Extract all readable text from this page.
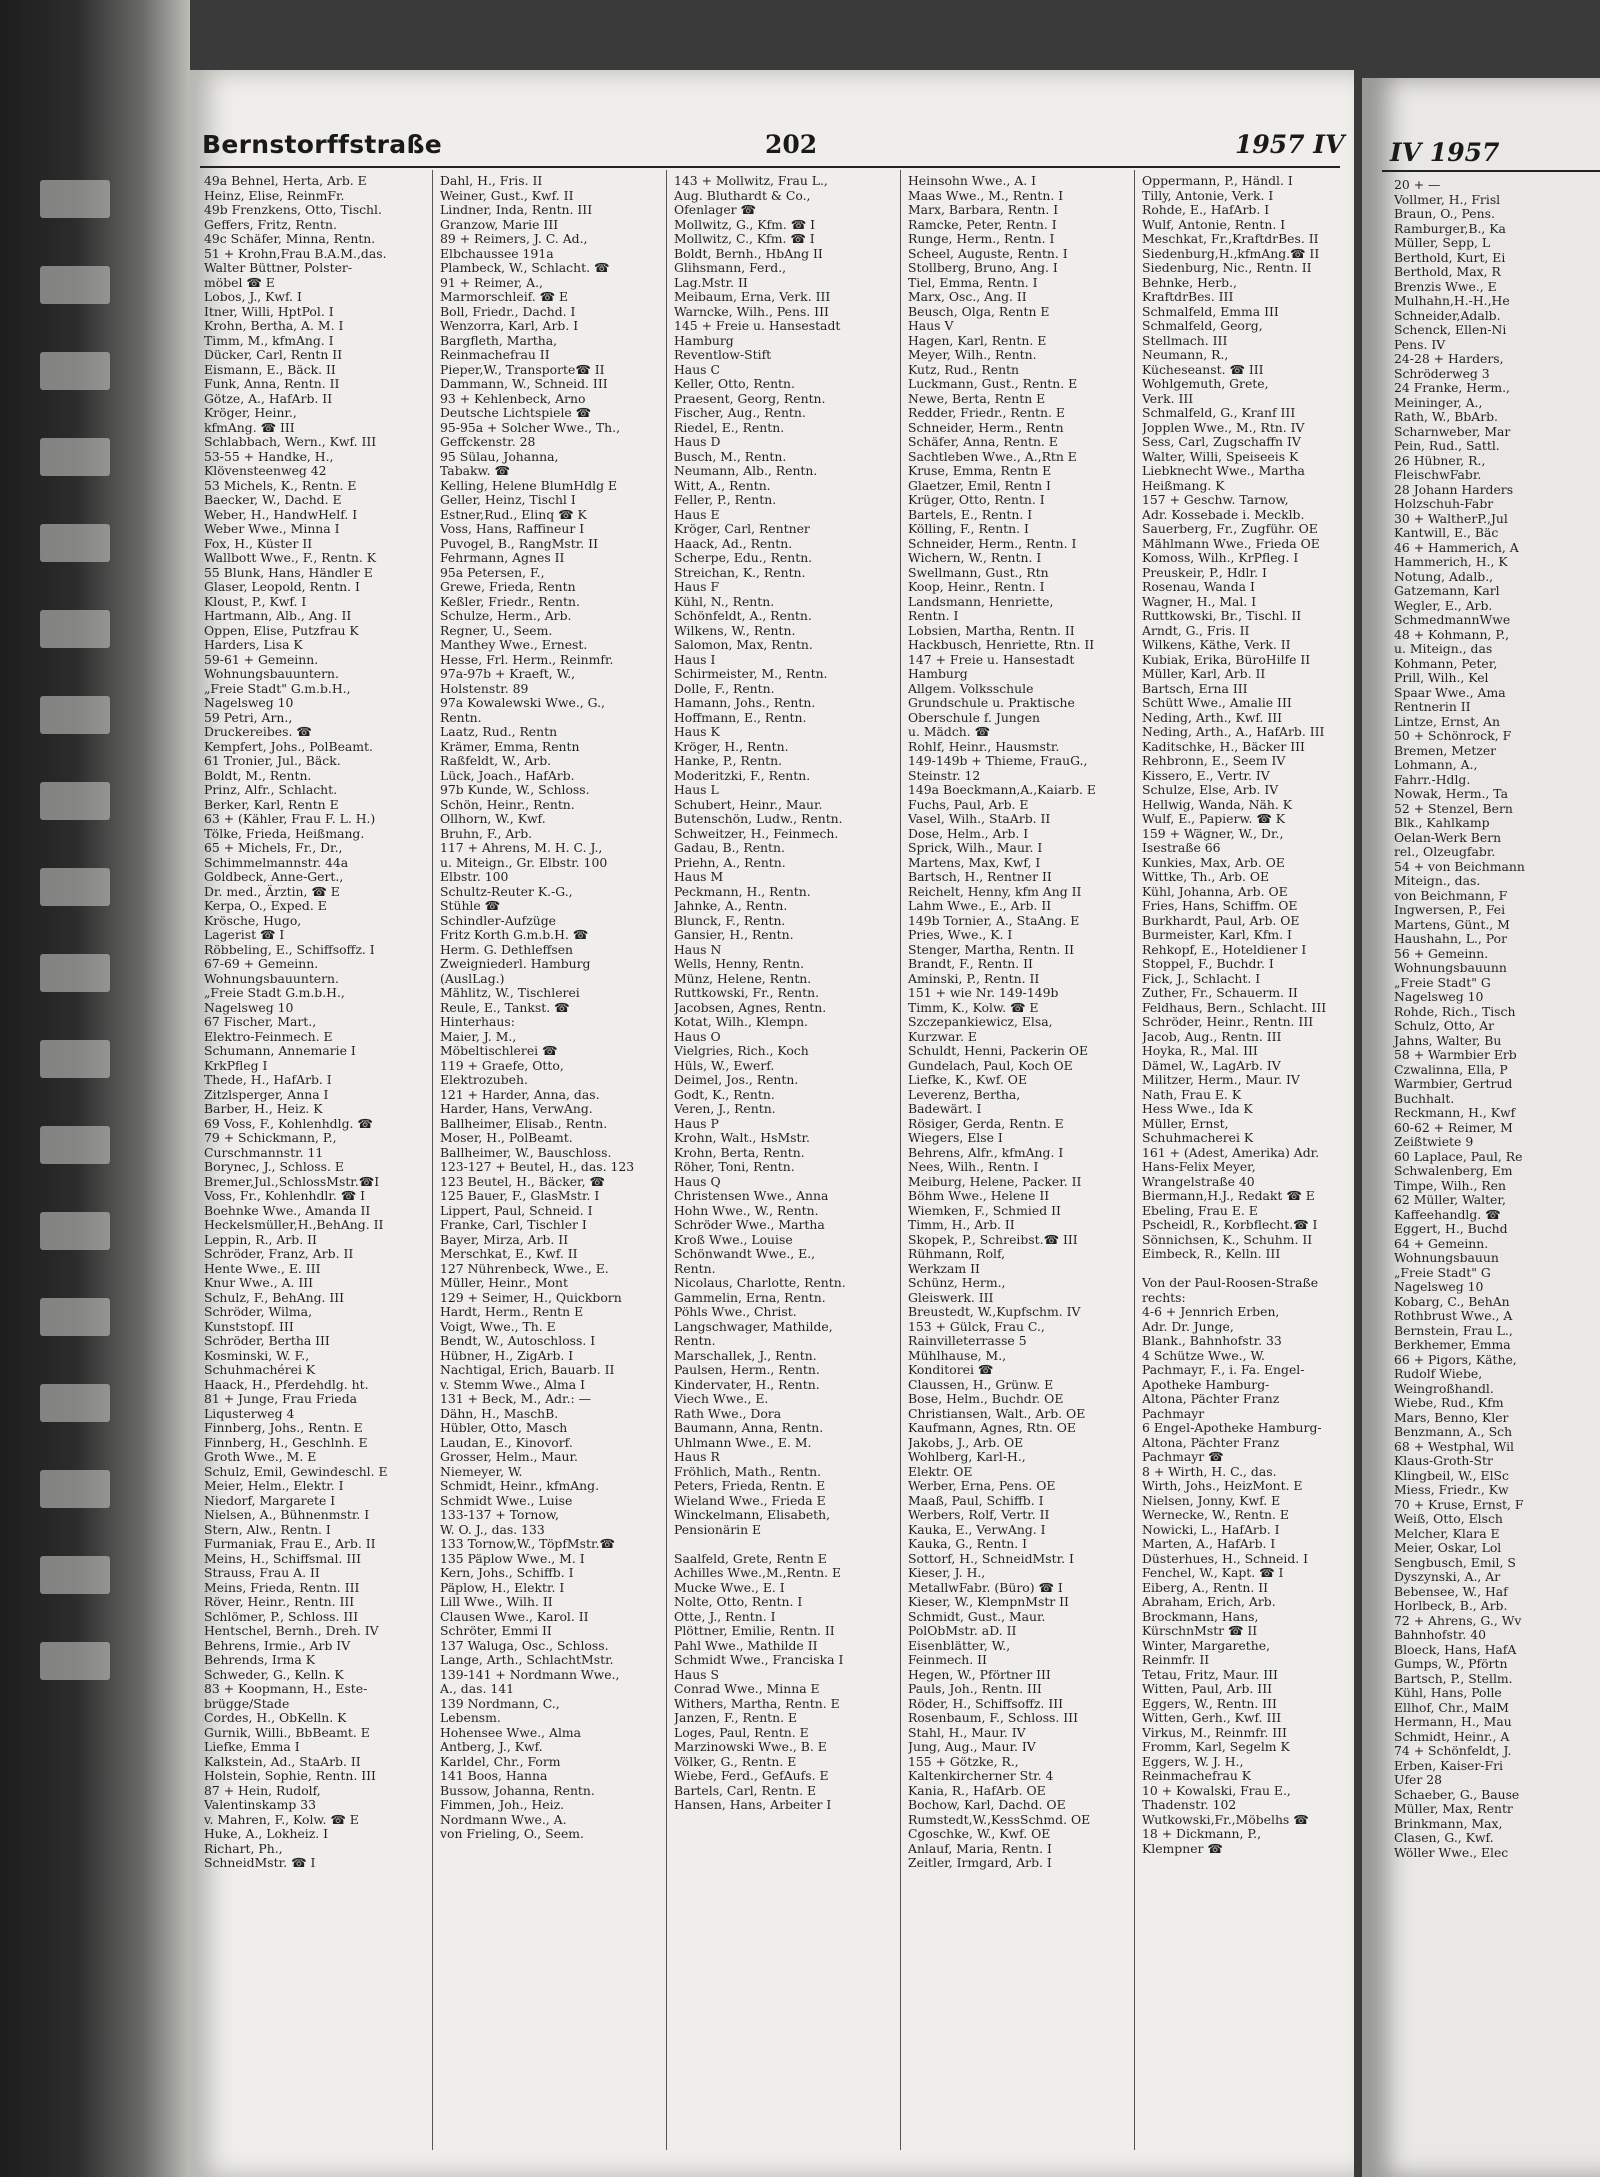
Bernstorffstraße	202	1957 IV
49a Behnel, Herta, Arb. E
Heinz, Elise, ReinmFr.
49b Frenzkens, Otto, Tischl.
Geffers, Fritz, Rentn.
49c Schäfer, Minna, Rentn.
51 + Krohn,Frau B.A.M.,das.
Walter Büttner, Polster-
möbel ☎ E
Lobos, J., Kwf. I
Itner, Willi, HptPol. I
Krohn, Bertha, A. M. I
Timm, M., kfmAng. I
Dücker, Carl, Rentn II
Eismann, E., Bäck. II
Funk, Anna, Rentn. II
Götze, A., HafArb. II
Kröger, Heinr.,
kfmAng. ☎ III
Schlabbach, Wern., Kwf. III
53-55 + Handke, H.,
Klövensteenweg 42
53 Michels, K., Rentn. E
Baecker, W., Dachd. E
Weber, H., HandwHelf. I
Weber Wwe., Minna I
Fox, H., Küster II
Wallbott Wwe., F., Rentn. K
55 Blunk, Hans, Händler E
Glaser, Leopold, Rentn. I
Kloust, P., Kwf. I
Hartmann, Alb., Ang. II
Oppen, Elise, Putzfrau K
Harders, Lisa K
59-61 + Gemeinn.
Wohnungsbauuntern.
„Freie Stadt" G.m.b.H.,
Nagelsweg 10
59 Petri, Arn.,
Druckereibes. ☎
Kempfert, Johs., PolBeamt.
61 Tronier, Jul., Bäck.
Boldt, M., Rentn.
Prinz, Alfr., Schlacht.
Berker, Karl, Rentn E
63 + (Kähler, Frau F. L. H.)
Tölke, Frieda, Heißmang.
65 + Michels, Fr., Dr.,
Schimmelmannstr. 44a
Goldbeck, Anne-Gert.,
Dr. med., Ärztin, ☎ E
Kerpa, O., Exped. E
Krösche, Hugo,
Lagerist ☎ I
Röbbeling, E., Schiffsoffz. I
67-69 + Gemeinn.
Wohnungsbauuntern.
„Freie Stadt G.m.b.H.,
Nagelsweg 10
67 Fischer, Mart.,
Elektro-Feinmech. E
Schumann, Annemarie I
KrkPfleg I
Thede, H., HafArb. I
Zitzlsperger, Anna I
Barber, H., Heiz. K
69 Voss, F., Kohlenhdlg. ☎
79 + Schickmann, P.,
Curschmannstr. 11
Borynec, J., Schloss. E
Bremer,Jul.,SchlossMstr.☎I
Voss, Fr., Kohlenhdlr. ☎ I
Boehnke Wwe., Amanda II
Heckelsmüller,H.,BehAng. II
Leppin, R., Arb. II
Schröder, Franz, Arb. II
Hente Wwe., E. III
Knur Wwe., A. III
Schulz, F., BehAng. III
Schröder, Wilma,
Kunststopf. III
Schröder, Bertha III
Kosminski, W. F.,
Schuhmachérei K
Haack, H., Pferdehdlg. ht.
81 + Junge, Frau Frieda
Liqusterweg 4
Finnberg, Johs., Rentn. E
Finnberg, H., Geschlnh. E
Groth Wwe., M. E
Schulz, Emil, Gewindeschl. E
Meier, Helm., Elektr. I
Niedorf, Margarete I
Nielsen, A., Bühnenmstr. I
Stern, Alw., Rentn. I
Furmaniak, Frau E., Arb. II
Meins, H., Schiffsmal. III
Strauss, Frau A. II
Meins, Frieda, Rentn. III
Röver, Heinr., Rentn. III
Schlömer, P., Schloss. III
Hentschel, Bernh., Dreh. IV
Behrens, Irmie., Arb IV
Behrends, Irma K
Schweder, G., Kelln. K
83 + Koopmann, H., Este-
brügge/Stade
Cordes, H., ObKelln. K
Gurnik, Willi., BbBeamt. E
Liefke, Emma I
Kalkstein, Ad., StaArb. II
Holstein, Sophie, Rentn. III
87 + Hein, Rudolf,
Valentinskamp 33
v. Mahren, F., Kolw. ☎ E
Huke, A., Lokheiz. I
Richart, Ph.,
SchneidMstr. ☎ I
Dahl, H., Fris. II
Weiner, Gust., Kwf. II
Lindner, Inda, Rentn. III
Granzow, Marie III
89 + Reimers, J. C. Ad.,
Elbchaussee 191a
Plambeck, W., Schlacht. ☎
91 + Reimer, A.,
Marmorschleif. ☎ E
Boll, Friedr., Dachd. I
Wenzorra, Karl, Arb. I
Bargfleth, Martha,
Reinmachefrau II
Pieper,W., Transporte☎ II
Dammann, W., Schneid. III
93 + Kehlenbeck, Arno
Deutsche Lichtspiele ☎
95-95a + Solcher Wwe., Th.,
Geffckenstr. 28
95 Sülau, Johanna,
Tabakw. ☎
Kelling, Helene BlumHdlg E
Geller, Heinz, Tischl I
Estner,Rud., Elinq ☎ K
Voss, Hans, Raffineur I
Puvogel, B., RangMstr. II
Fehrmann, Agnes II
95a Petersen, F.,
Grewe, Frieda, Rentn
Keßler, Friedr., Rentn.
Schulze, Herm., Arb.
Regner, U., Seem.
Manthey Wwe., Ernest.
Hesse, Frl. Herm., Reinmfr.
97a-97b + Kraeft, W.,
Holstenstr. 89
97a Kowalewski Wwe., G.,
Rentn.
Laatz, Rud., Rentn
Krämer, Emma, Rentn
Raßfeldt, W., Arb.
Lück, Joach., HafArb.
97b Kunde, W., Schloss.
Schön, Heinr., Rentn.
Ollhorn, W., Kwf.
Bruhn, F., Arb.
117 + Ahrens, M. H. C. J.,
u. Miteign., Gr. Elbstr. 100
Elbstr. 100
Schultz-Reuter K.-G.,
Stühle ☎
Schindler-Aufzüge
Fritz Korth G.m.b.H. ☎
Herm. G. Dethleffsen
Zweigniederl. Hamburg
(AuslLag.)
Mählitz, W., Tischlerei
Reule, E., Tankst. ☎
Hinterhaus:
Maier, J. M.,
Möbeltischlerei ☎
119 + Graefe, Otto,
Elektrozubeh.
121 + Harder, Anna, das.
Harder, Hans, VerwAng.
Ballheimer, Elisab., Rentn.
Moser, H., PolBeamt.
Ballheimer, W., Bauschloss.
123-127 + Beutel, H., das. 123
123 Beutel, H., Bäcker, ☎
125 Bauer, F., GlasMstr. I
Lippert, Paul, Schneid. I
Franke, Carl, Tischler I
Bayer, Mirza, Arb. II
Merschkat, E., Kwf. II
127 Nührenbeck, Wwe., E.
Müller, Heinr., Mont
129 + Seimer, H., Quickborn
Hardt, Herm., Rentn E
Voigt, Wwe., Th. E
Bendt, W., Autoschloss. I
Hübner, H., ZigArb. I
Nachtigal, Erich, Bauarb. II
v. Stemm Wwe., Alma I
131 + Beck, M., Adr.: —
Dähn, H., MaschB.
Hübler, Otto, Masch
Laudan, E., Kinovorf.
Grosser, Helm., Maur.
Niemeyer, W.
Schmidt, Heinr., kfmAng.
Schmidt Wwe., Luise
133-137 + Tornow,
W. O. J., das. 133
133 Tornow,W., TöpfMstr.☎
135 Päplow Wwe., M. I
Kern, Johs., Schiffb. I
Päplow, H., Elektr. I
Lill Wwe., Wilh. II
Clausen Wwe., Karol. II
Schröter, Emmi II
137 Waluga, Osc., Schloss.
Lange, Arth., SchlachtMstr.
139-141 + Nordmann Wwe.,
A., das. 141
139 Nordmann, C.,
Lebensm.
Hohensee Wwe., Alma
Antberg, J., Kwf.
Karldel, Chr., Form
141 Boos, Hanna
Bussow, Johanna, Rentn.
Fimmen, Joh., Heiz.
Nordmann Wwe., A.
von Frieling, O., Seem.
143 + Mollwitz, Frau L.,
Aug. Bluthardt & Co.,
Ofenlager ☎
Mollwitz, G., Kfm. ☎ I
Mollwitz, C., Kfm. ☎ I
Boldt, Bernh., HbAng II
Glihsmann, Ferd.,
Lag.Mstr. II
Meibaum, Erna, Verk. III
Warncke, Wilh., Pens. III
145 + Freie u. Hansestadt
Hamburg
Reventlow-Stift
Haus C
Keller, Otto, Rentn.
Praesent, Georg, Rentn.
Fischer, Aug., Rentn.
Riedel, E., Rentn.
Haus D
Busch, M., Rentn.
Neumann, Alb., Rentn.
Witt, A., Rentn.
Feller, P., Rentn.
Haus E
Kröger, Carl, Rentner
Haack, Ad., Rentn.
Scherpe, Edu., Rentn.
Streichan, K., Rentn.
Haus F
Kühl, N., Rentn.
Schönfeldt, A., Rentn.
Wilkens, W., Rentn.
Salomon, Max, Rentn.
Haus I
Schirmeister, M., Rentn.
Dolle, F., Rentn.
Hamann, Johs., Rentn.
Hoffmann, E., Rentn.
Haus K
Kröger, H., Rentn.
Hanke, P., Rentn.
Moderitzki, F., Rentn.
Haus L
Schubert, Heinr., Maur.
Butenschön, Ludw., Rentn.
Schweitzer, H., Feinmech.
Gadau, B., Rentn.
Priehn, A., Rentn.
Haus M
Peckmann, H., Rentn.
Jahnke, A., Rentn.
Blunck, F., Rentn.
Gansier, H., Rentn.
Haus N
Wells, Henny, Rentn.
Münz, Helene, Rentn.
Ruttkowski, Fr., Rentn.
Jacobsen, Agnes, Rentn.
Kotat, Wilh., Klempn.
Haus O
Vielgries, Rich., Koch
Hüls, W., Ewerf.
Deimel, Jos., Rentn.
Godt, K., Rentn.
Veren, J., Rentn.
Haus P
Krohn, Walt., HsMstr.
Krohn, Berta, Rentn.
Röher, Toni, Rentn.
Haus Q
Christensen Wwe., Anna
Hohn Wwe., W., Rentn.
Schröder Wwe., Martha
Kroß Wwe., Louise
Schönwandt Wwe., E.,
Rentn.
Nicolaus, Charlotte, Rentn.
Gammelin, Erna, Rentn.
Pöhls Wwe., Christ.
Langschwager, Mathilde,
Rentn.
Marschallek, J., Rentn.
Paulsen, Herm., Rentn.
Kindervater, H., Rentn.
Viech Wwe., E.
Rath Wwe., Dora
Baumann, Anna, Rentn.
Uhlmann Wwe., E. M.
Haus R
Fröhlich, Math., Rentn.
Peters, Frieda, Rentn. E
Wieland Wwe., Frieda E
Winckelmann, Elisabeth,
Pensionärin E
Saalfeld, Grete, Rentn E
Achilles Wwe.,M.,Rentn. E
Mucke Wwe., E. I
Nolte, Otto, Rentn. I
Otte, J., Rentn. I
Plöttner, Emilie, Rentn. II
Pahl Wwe., Mathilde II
Schmidt Wwe., Franciska I
Haus S
Conrad Wwe., Minna E
Withers, Martha, Rentn. E
Janzen, F., Rentn. E
Loges, Paul, Rentn. E
Marzinowski Wwe., B. E
Völker, G., Rentn. E
Wiebe, Ferd., GefAufs. E
Bartels, Carl, Rentn. E
Hansen, Hans, Arbeiter I
Heinsohn Wwe., A. I
Maas Wwe., M., Rentn. I
Marx, Barbara, Rentn. I
Ramcke, Peter, Rentn. I
Runge, Herm., Rentn. I
Scheel, Auguste, Rentn. I
Stollberg, Bruno, Ang. I
Tiel, Emma, Rentn. I
Marx, Osc., Ang. II
Beusch, Olga, Rentn E
Haus V
Hagen, Karl, Rentn. E
Meyer, Wilh., Rentn.
Kutz, Rud., Rentn
Luckmann, Gust., Rentn. E
Newe, Berta, Rentn E
Redder, Friedr., Rentn. E
Schneider, Herm., Rentn
Schäfer, Anna, Rentn. E
Sachtleben Wwe., A.,Rtn E
Kruse, Emma, Rentn E
Glaetzer, Emil, Rentn I
Krüger, Otto, Rentn. I
Bartels, E., Rentn. I
Kölling, F., Rentn. I
Schneider, Herm., Rentn. I
Wichern, W., Rentn. I
Swellmann, Gust., Rtn
Koop, Heinr., Rentn. I
Landsmann, Henriette,
Rentn. I
Lobsien, Martha, Rentn. II
Hackbusch, Henriette, Rtn. II
147 + Freie u. Hansestadt
Hamburg
Allgem. Volksschule
Grundschule u. Praktische
Oberschule f. Jungen
u. Mädch. ☎
Rohlf, Heinr., Hausmstr.
149-149b + Thieme, FrauG.,
Steinstr. 12
149a Boeckmann,A.,Kaiarb. E
Fuchs, Paul, Arb. E
Vasel, Wilh., StaArb. II
Dose, Helm., Arb. I
Sprick, Wilh., Maur. I
Martens, Max, Kwf, I
Bartsch, H., Rentner II
Reichelt, Henny, kfm Ang II
Lahm Wwe., E., Arb. II
149b Tornier, A., StaAng. E
Pries, Wwe., K. I
Stenger, Martha, Rentn. II
Brandt, F., Rentn. II
Aminski, P., Rentn. II
151 + wie Nr. 149-149b
Timm, K., Kolw. ☎ E
Szczepankiewicz, Elsa,
Kurzwar. E
Schuldt, Henni, Packerin OE
Gundelach, Paul, Koch OE
Liefke, K., Kwf. OE
Leverenz, Bertha,
Badewärt. I
Rösiger, Gerda, Rentn. E
Wiegers, Else I
Behrens, Alfr., kfmAng. I
Nees, Wilh., Rentn. I
Meiburg, Helene, Packer. II
Böhm Wwe., Helene II
Wiemken, F., Schmied II
Timm, H., Arb. II
Skopek, P., Schreibst.☎ III
Rühmann, Rolf,
Werkzam II
Schünz, Herm.,
Gleiswerk. III
Breustedt, W.,Kupfschm. IV
153 + Gülck, Frau C.,
Rainvilleterrasse 5
Mühlhause, M.,
Konditorei ☎
Claussen, H., Grünw. E
Bose, Helm., Buchdr. OE
Christiansen, Walt., Arb. OE
Kaufmann, Agnes, Rtn. OE
Jakobs, J., Arb. OE
Wohlberg, Karl-H.,
Elektr. OE
Werber, Erna, Pens. OE
Maaß, Paul, Schiffb. I
Werbers, Rolf, Vertr. II
Kauka, E., VerwAng. I
Kauka, G., Rentn. I
Sottorf, H., SchneidMstr. I
Kieser, J. H.,
MetallwFabr. (Büro) ☎ I
Kieser, W., KlempnMstr II
Schmidt, Gust., Maur.
PolObMstr. aD. II
Eisenblätter, W.,
Feinmech. II
Hegen, W., Pförtner III
Pauls, Joh., Rentn. III
Röder, H., Schiffsoffz. III
Rosenbaum, F., Schloss. III
Stahl, H., Maur. IV
Jung, Aug., Maur. IV
155 + Götzke, R.,
Kaltenkircherner Str. 4
Kania, R., HafArb. OE
Bochow, Karl, Dachd. OE
Rumstedt,W.,KessSchmd. OE
Cgoschke, W., Kwf. OE
Anlauf, Maria, Rentn. I
Zeitler, Irmgard, Arb. I
Oppermann, P., Händl. I
Tilly, Antonie, Verk. I
Rohde, E., HafArb. I
Wulf, Antonie, Rentn. I
Meschkat, Fr.,KraftdrBes. II
Siedenburg,H.,kfmAng.☎ II
Siedenburg, Nic., Rentn. II
Behnke, Herb.,
KraftdrBes. III
Schmalfeld, Emma III
Schmalfeld, Georg,
Stellmach. III
Neumann, R.,
Kücheseanst. ☎ III
Wohlgemuth, Grete,
Verk. III
Schmalfeld, G., Kranf III
Jopplen Wwe., M., Rtn. IV
Sess, Carl, Zugschaffn IV
Walter, Willi, Speiseeis K
Liebknecht Wwe., Martha
Heißmang. K
157 + Geschw. Tarnow,
Adr. Kossebade i. Mecklb.
Sauerberg, Fr., Zugführ. OE
Mählmann Wwe., Frieda OE
Komoss, Wilh., KrPfleg. I
Preuskeir, P., Hdlr. I
Rosenau, Wanda I
Wagner, H., Mal. I
Ruttkowski, Br., Tischl. II
Arndt, G., Fris. II
Wilkens, Käthe, Verk. II
Kubiak, Erika, BüroHilfe II
Müller, Karl, Arb. II
Bartsch, Erna III
Schütt Wwe., Amalie III
Neding, Arth., Kwf. III
Neding, Arth., A., HafArb. III
Kaditschke, H., Bäcker III
Rehbronn, E., Seem IV
Kissero, E., Vertr. IV
Schulze, Else, Arb. IV
Hellwig, Wanda, Näh. K
Wulf, E., Papierw. ☎ K
159 + Wägner, W., Dr.,
Isestraße 66
Kunkies, Max, Arb. OE
Wittke, Th., Arb. OE
Kühl, Johanna, Arb. OE
Fries, Hans, Schiffm. OE
Burkhardt, Paul, Arb. OE
Burmeister, Karl, Kfm. I
Rehkopf, E., Hoteldiener I
Stoppel, F., Buchdr. I
Fick, J., Schlacht. I
Zuther, Fr., Schauerm. II
Feldhaus, Bern., Schlacht. III
Schröder, Heinr., Rentn. III
Jacob, Aug., Rentn. III
Hoyka, R., Mal. III
Dämel, W., LagArb. IV
Militzer, Herm., Maur. IV
Nath, Frau E. K
Hess Wwe., Ida K
Müller, Ernst,
Schuhmacherei K
161 + (Adest, Amerika) Adr.
Hans-Felix Meyer,
Wrangelstraße 40
Biermann,H.J., Redakt ☎ E
Ebeling, Frau E. E
Pscheidl, R., Korbflecht.☎ I
Sönnichsen, K., Schuhm. II
Eimbeck, R., Kelln. III
Von der Paul-Roosen-Straße
rechts:
4-6 + Jennrich Erben,
Adr. Dr. Junge,
Blank., Bahnhofstr. 33
4 Schütze Wwe., W.
Pachmayr, F., i. Fa. Engel-
Apotheke Hamburg-
Altona, Pächter Franz
Pachmayr
6 Engel-Apotheke Hamburg-
Altona, Pächter Franz
Pachmayr ☎
8 + Wirth, H. C., das.
Wirth, Johs., HeizMont. E
Nielsen, Jonny, Kwf. E
Wernecke, W., Rentn. E
Nowicki, L., HafArb. I
Marten, A., HafArb. I
Düsterhues, H., Schneid. I
Fenchel, W., Kapt. ☎ I
Eiberg, A., Rentn. II
Abraham, Erich, Arb.
Brockmann, Hans,
KürschnMstr ☎ II
Winter, Margarethe,
Reinmfr. II
Tetau, Fritz, Maur. III
Witten, Paul, Arb. III
Eggers, W., Rentn. III
Witten, Gerh., Kwf. III
Virkus, M., Reinmfr. III
Fromm, Karl, Segelm K
Eggers, W. J. H.,
Reinmachefrau K
10 + Kowalski, Frau E.,
Thadenstr. 102
Wutkowski,Fr.,Möbelhs ☎
18 + Dickmann, P.,
Klempner ☎
IV 1957
20 + —
Vollmer, H., Frisl
Braun, O., Pens.
Ramburger,B., Ka
Müller, Sepp, L
Berthold, Kurt, Ei
Berthold, Max, R
Brenzis Wwe., E
Mulhahn,H.-H.,He
Schneider,Adalb.
Schenck, Ellen-Ni
Pens. IV
24-28 + Harders,
Schröderweg 3
24 Franke, Herm.,
Meininger, A.,
Rath, W., BbArb.
Scharnweber, Mar
Pein, Rud., Sattl.
26 Hübner, R.,
FleischwFabr.
28 Johann Harders
Holzschuh-Fabr
30 + WaltherP.,Jul
Kantwill, E., Bäc
46 + Hammerich, A
Hammerich, H., K
Notung, Adalb.,
Gatzemann, Karl
Wegler, E., Arb.
SchmedmannWwe
48 + Kohmann, P.,
u. Miteign., das
Kohmann, Peter,
Prill, Wilh., Kel
Spaar Wwe., Ama
Rentnerin II
Lintze, Ernst, An
50 + Schönrock, F
Bremen, Metzer
Lohmann, A.,
Fahrr.-Hdlg.
Nowak, Herm., Ta
52 + Stenzel, Bern
Blk., Kahlkamp
Oelan-Werk Bern
rel., Olzeugfabr.
54 + von Beichmann
Miteign., das.
von Beichmann, F
Ingwersen, P., Fei
Martens, Günt., M
Haushahn, L., Por
56 + Gemeinn.
Wohnungsbauunn
„Freie Stadt" G
Nagelsweg 10
Rohde, Rich., Tisch
Schulz, Otto, Ar
Jahns, Walter, Bu
58 + Warmbier Erb
Czwalinna, Ella, P
Warmbier, Gertrud
Buchhalt.
Reckmann, H., Kwf
60-62 + Reimer, M
Zeißtwiete 9
60 Laplace, Paul, Re
Schwalenberg, Em
Timpe, Wilh., Ren
62 Müller, Walter,
Kaffeehandlg. ☎
Eggert, H., Buchd
64 + Gemeinn.
Wohnungsbauun
„Freie Stadt" G
Nagelsweg 10
Kobarg, C., BehAn
Rothbrust Wwe., A
Bernstein, Frau L.,
Berkhemer, Emma
66 + Pigors, Käthe,
Rudolf Wiebe,
Weingroßhandl.
Wiebe, Rud., Kfm
Mars, Benno, Kler
Benzmann, A., Sch
68 + Westphal, Wil
Klaus-Groth-Str
Klingbeil, W., ElSc
Miess, Friedr., Kw
70 + Kruse, Ernst, F
Weiß, Otto, Elsch
Melcher, Klara E
Meier, Oskar, Lol
Sengbusch, Emil, S
Dyszynski, A., Ar
Bebensee, W., Haf
Horlbeck, B., Arb.
72 + Ahrens, G., Wv
Bahnhofstr. 40
Bloeck, Hans, HafA
Gumps, W., Pförtn
Bartsch, P., Stellm.
Kühl, Hans, Polle
Ellhof, Chr., MalM
Hermann, H., Mau
Schmidt, Heinr., A
74 + Schönfeldt, J.
Erben, Kaiser-Fri
Ufer 28
Schaeber, G., Bause
Müller, Max, Rentr
Brinkmann, Max,
Clasen, G., Kwf.
Wöller Wwe., Elec
